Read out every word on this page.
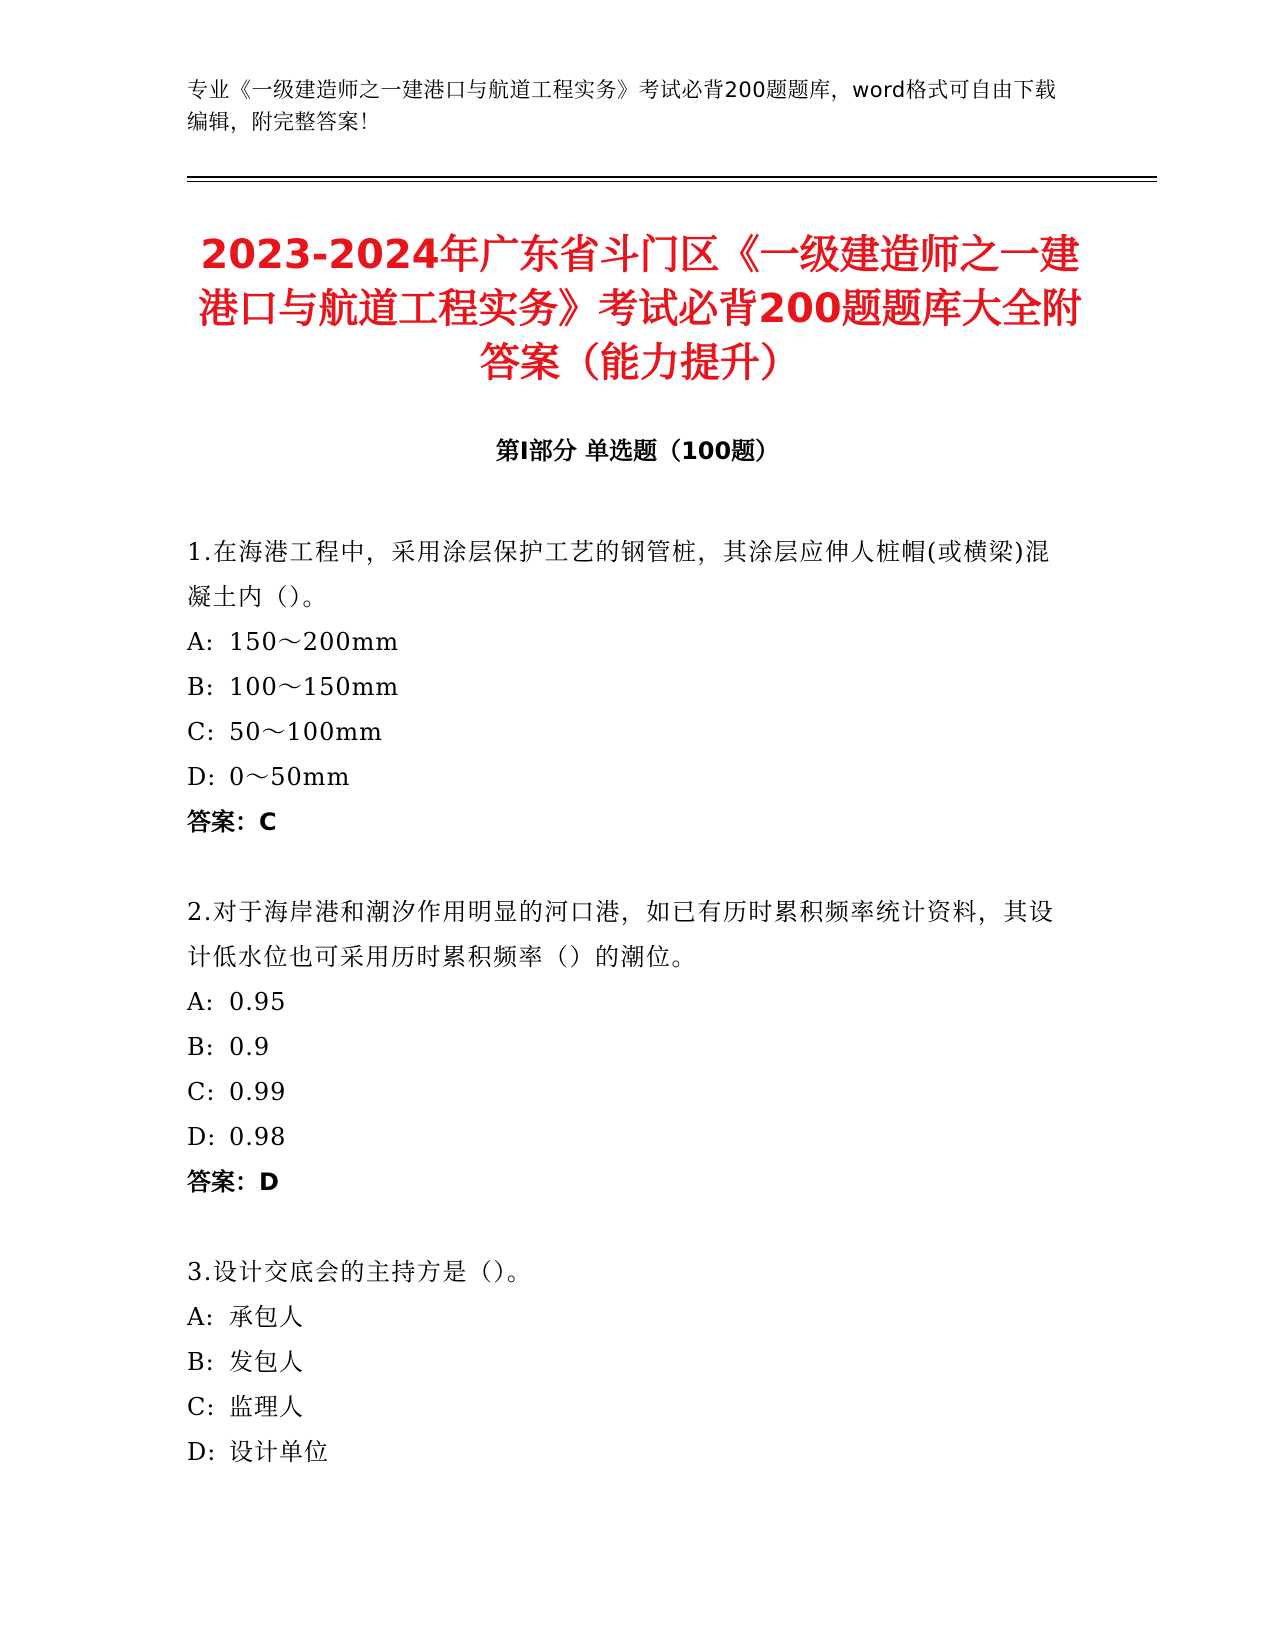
专业《一级建造师之一建港口与航道工程实务》考试必背200题题库，word格式可自由下载编辑，附完整答案！
2023-2024年广东省斗门区《一级建造师之一建港口与航道工程实务》考试必背200题题库大全附答案（能力提升）
第Ⅰ部分 单选题（100题）
1.在海港工程中，采用涂层保护工艺的钢管桩，其涂层应伸人桩帽(或横梁)混凝土内（）。
A: 150～200mm
B: 100～150mm
C: 50～100mm
D: 0～50mm
答案：C
2.对于海岸港和潮汐作用明显的河口港，如已有历时累积频率统计资料，其设计低水位也可采用历时累积频率（）的潮位。
A: 0.95
B: 0.9
C: 0.99
D: 0.98
答案：D
3.设计交底会的主持方是（）。
A: 承包人
B: 发包人
C: 监理人
D: 设计单位
